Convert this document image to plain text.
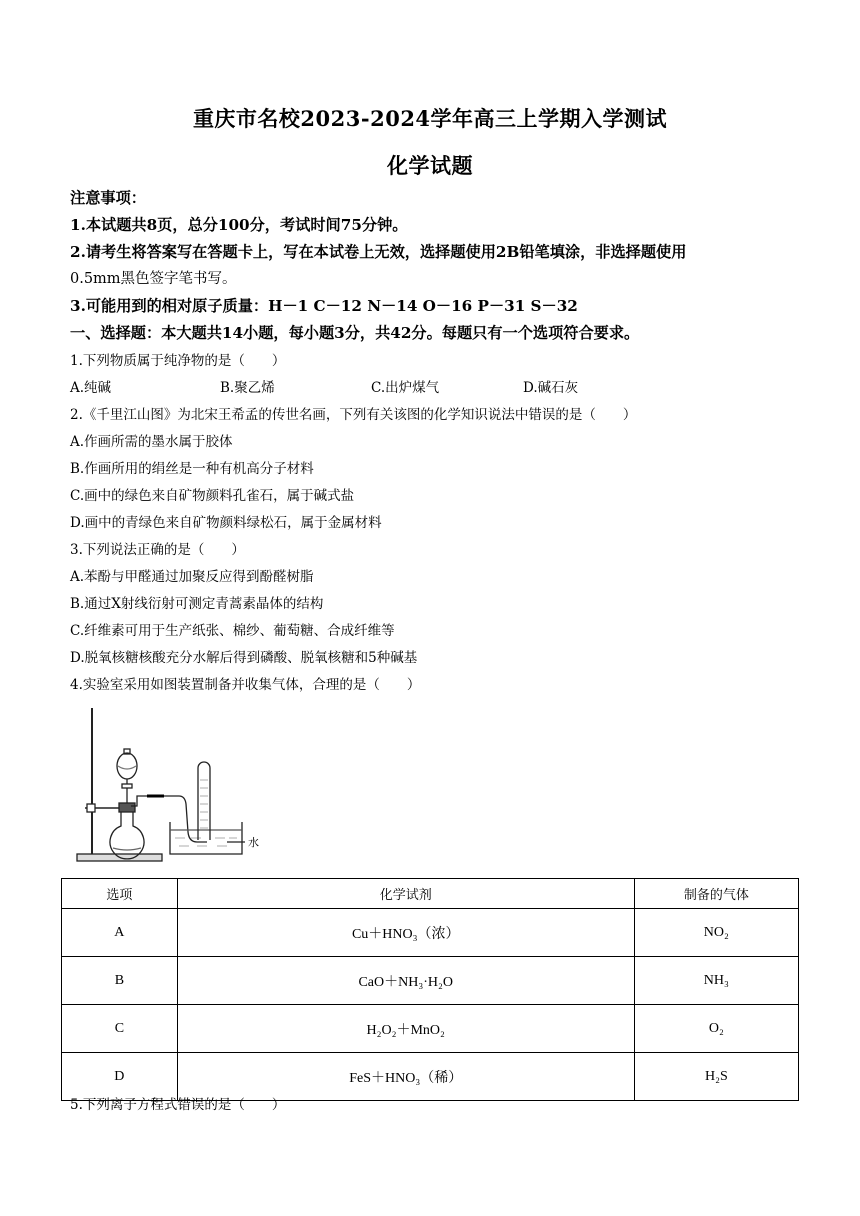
重庆市名校2023-2024学年高三上学期入学测试
化学试题
注意事项：
1.本试题共8页，总分100分，考试时间75分钟。
2.请考生将答案写在答题卡上，写在本试卷上无效，选择题使用2B铅笔填涂，非选择题使用
0.5mm黑色签字笔书写。
3.可能用到的相对原子质量：H－1 C－12 N－14 O－16 P－31 S－32
一、选择题：本大题共14小题，每小题3分，共42分。每题只有一个选项符合要求。
1.下列物质属于纯净物的是（　　）
A.纯碱	B.聚乙烯	C.出炉煤气	D.碱石灰
2.《千里江山图》为北宋王希孟的传世名画，下列有关该图的化学知识说法中错误的是（　　）
A.作画所需的墨水属于胶体
B.作画所用的绢丝是一种有机高分子材料
C.画中的绿色来自矿物颜料孔雀石，属于碱式盐
D.画中的青绿色来自矿物颜料绿松石，属于金属材料
3.下列说法正确的是（　　）
A.苯酚与甲醛通过加聚反应得到酚醛树脂
B.通过X射线衍射可测定青蒿素晶体的结构
C.纤维素可用于生产纸张、棉纱、葡萄糖、合成纤维等
D.脱氧核糖核酸充分水解后得到磷酸、脱氧核糖和5种碱基
4.实验室采用如图装置制备并收集气体，合理的是（　　）
水
选项	化学试剂	制备的气体
A	Cu＋HNO₃（浓）	NO₂
B	CaO＋NH₃·H₂O	NH₃
C	H₂O₂＋MnO₂	O₂
D	FeS＋HNO₃（稀）	H₂S
5.下列离子方程式错误的是（　　）
